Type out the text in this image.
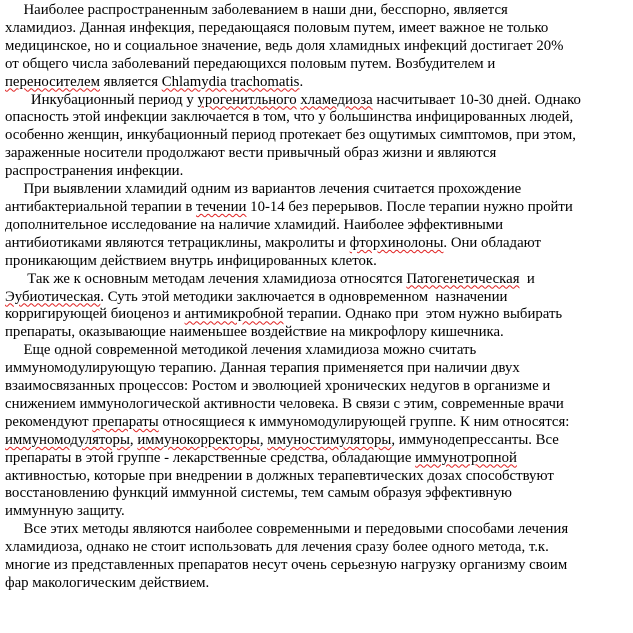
Наиболее распространенным заболеванием в наши дни, бесспорно, является
хламидиоз. Данная инфекция, передающаяся половым путем, имеет важное не только
медицинское, но и социальное значение, ведь доля хламидных инфекций достигает 20%
от общего числа заболеваний передающихся половым путем. Возбудителем и
переносителем является Chlamydia trachomatis.

Инкубационный период у урогенитльного хламедиоза насчитывает 10-30 дней. Однако
опасность этой инфекции заключается в том, что у большинства инфицированных людей,
особенно женщин, инкубационный период протекает без ощутимых симптомов, при этом,
зараженные носители продолжают вести привычный образ жизни и являются
распространения инфекции.

При выявлении хламидий одним из вариантов лечения считается прохождение
антибактериальной терапии в течении 10-14 без перерывов. После терапии нужно пройти
дополнительное исследование на наличие хламидий. Наиболее эффективными
антибиотиками являются тетрациклины, макролиты и фторхинолоны. Они обладают
проникающим действием внутрь инфицированных клеток.

Так же к основным методам лечения хламидиоза относятся Патогенетическая  и
Эубиотическая. Суть этой методики заключается в одновременном  назначении
корригирующей биоценоз и антимикробной терапии. Однако при  этом нужно выбирать
препараты, оказывающие наименьшее воздействие на микрофлору кишечника.

Еще одной современной методикой лечения хламидиоза можно считать
иммуномодулирующую терапию. Данная терапия применяется при наличии двух
взаимосвязанных процессов: Ростом и эволюцией хронических недугов в организме и
снижением иммунологической активности человека. В связи с этим, современные врачи
рекомендуют препараты относящиеся к иммуномодулирующей группе. К ним относятся:
иммуномодуляторы, иммунокорректоры, ммуностимуляторы, иммунодепрессанты. Все
препараты в этой группе - лекарственные средства, обладающие иммунотропной
активностью, которые при внедрении в должных терапевтических дозах способствуют
восстановлению функций иммунной системы, тем самым образуя эффективную
иммунную защиту.

Все этих методы являются наиболее современными и передовыми способами лечения
хламидиоза, однако не стоит использовать для лечения сразу более одного метода, т.к.
многие из представленных препаратов несут очень серьезную нагрузку организму своим
фар макологическим действием.
